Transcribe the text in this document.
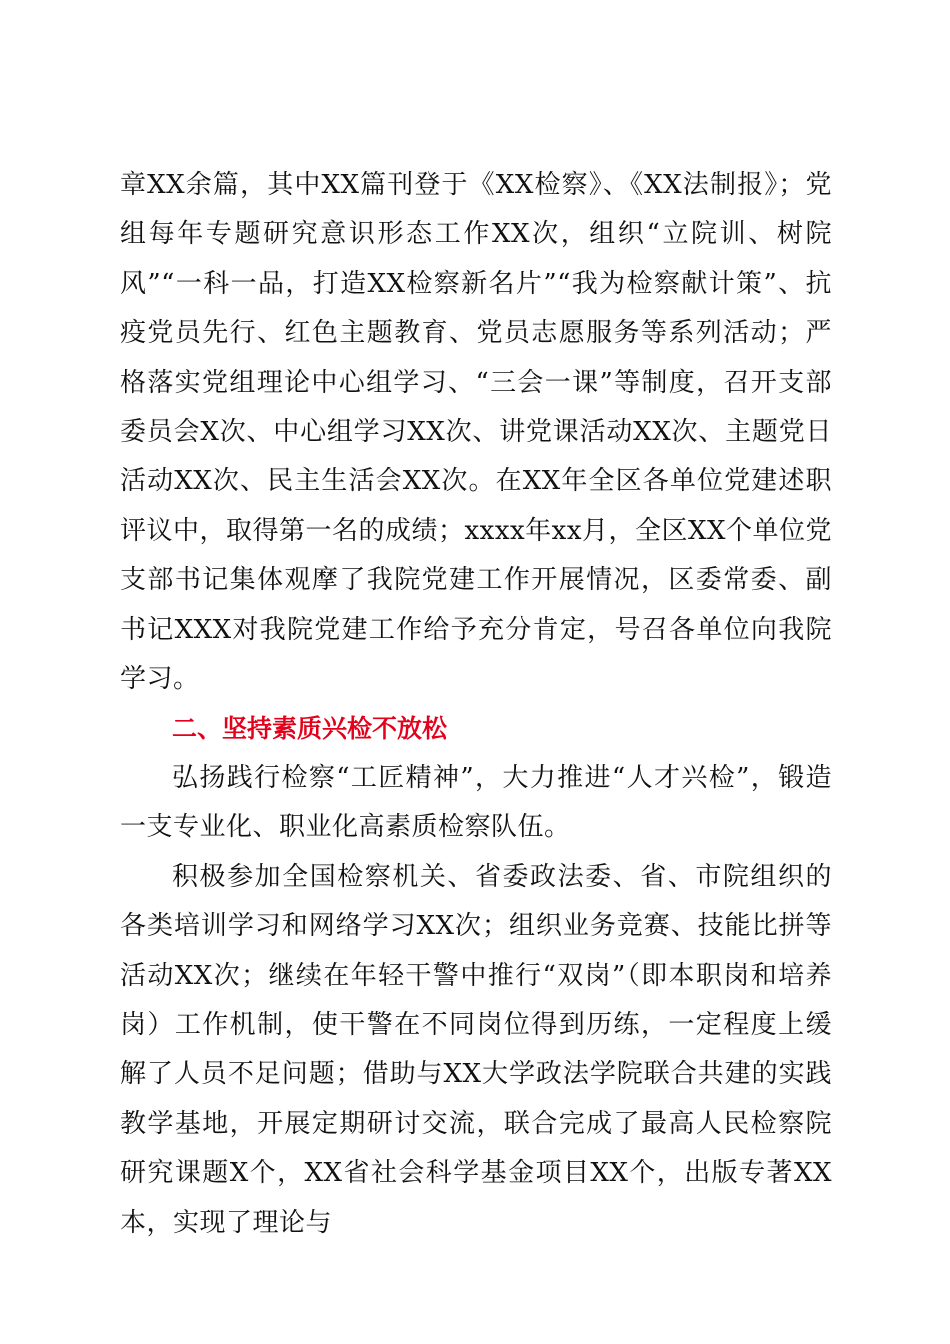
章XX余篇，其中XX篇刊登于《XX检察》、《XX法制报》；党组每年专题研究意识形态工作XX次，组织“立院训、树院风”“一科一品，打造XX检察新名片”“我为检察献计策”、抗疫党员先行、红色主题教育、党员志愿服务等系列活动；严格落实党组理论中心组学习、“三会一课”等制度，召开支部委员会X次、中心组学习XX次、讲党课活动XX次、主题党日活动XX次、民主生活会XX次。在XX年全区各单位党建述职评议中，取得第一名的成绩；xxxx年xx月，全区XX个单位党支部书记集体观摩了我院党建工作开展情况，区委常委、副书记XXX对我院党建工作给予充分肯定，号召各单位向我院学习。

二、坚持素质兴检不放松

弘扬践行检察“工匠精神”，大力推进“人才兴检”，锻造一支专业化、职业化高素质检察队伍。

积极参加全国检察机关、省委政法委、省、市院组织的各类培训学习和网络学习XX次；组织业务竞赛、技能比拼等活动XX次；继续在年轻干警中推行“双岗”（即本职岗和培养岗）工作机制，使干警在不同岗位得到历练，一定程度上缓解了人员不足问题；借助与XX大学政法学院联合共建的实践教学基地，开展定期研讨交流，联合完成了最高人民检察院研究课题X个，XX省社会科学基金项目XX个，出版专著XX本，实现了理论与
